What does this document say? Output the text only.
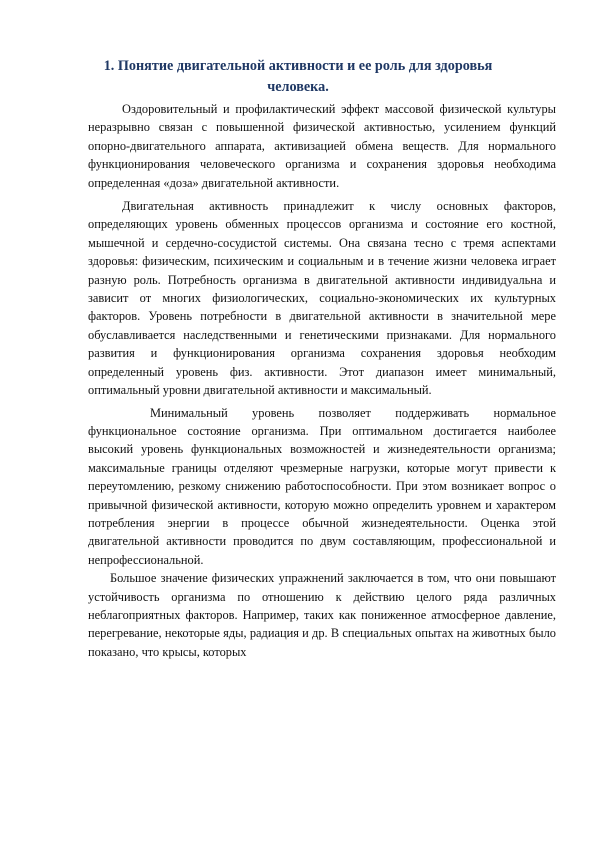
1. Понятие двигательной активности и ее роль для здоровья человека.

Оздоровительный и профилактический эффект массовой физической культуры неразрывно связан с повышенной физической активностью, усилением функций опорно-двигательного аппарата, активизацией обмена веществ. Для нормального функционирования человеческого организма и сохранения здоровья необходима определенная «доза» двигательной активности.

Двигательная активность принадлежит к числу основных факторов, определяющих уровень обменных процессов организма и состояние его костной, мышечной и сердечно-сосудистой системы. Она связана тесно с тремя аспектами здоровья: физическим, психическим и социальным и в течение жизни человека играет разную роль. Потребность организма в двигательной активности индивидуальна и зависит от многих физиологических, социально-экономических их культурных факторов. Уровень потребности в двигательной активности в значительной мере обуславливается наследственными и генетическими признаками. Для нормального развития и функционирования организма сохранения здоровья необходим определенный уровень физ. активности. Этот диапазон имеет минимальный, оптимальный уровни двигательной активности и максимальный.

Минимальный уровень позволяет поддерживать нормальное функциональное состояние организма. При оптимальном достигается наиболее высокий уровень функциональных возможностей и жизнедеятельности организма; максимальные границы отделяют чрезмерные нагрузки, которые могут привести к переутомлению, резкому снижению работоспособности. При этом возникает вопрос о привычной физической активности, которую можно определить уровнем и характером потребления энергии в процессе обычной жизнедеятельности. Оценка этой двигательной активности проводится по двум составляющим, профессиональной и непрофессиональной.

Большое значение физических упражнений заключается в том, что они повышают устойчивость организма по отношению к действию целого ряда различных неблагоприятных факторов. Например, таких как пониженное атмосферное давление, перегревание, некоторые яды, радиация и др. В специальных опытах на животных было показано, что крысы, которых
